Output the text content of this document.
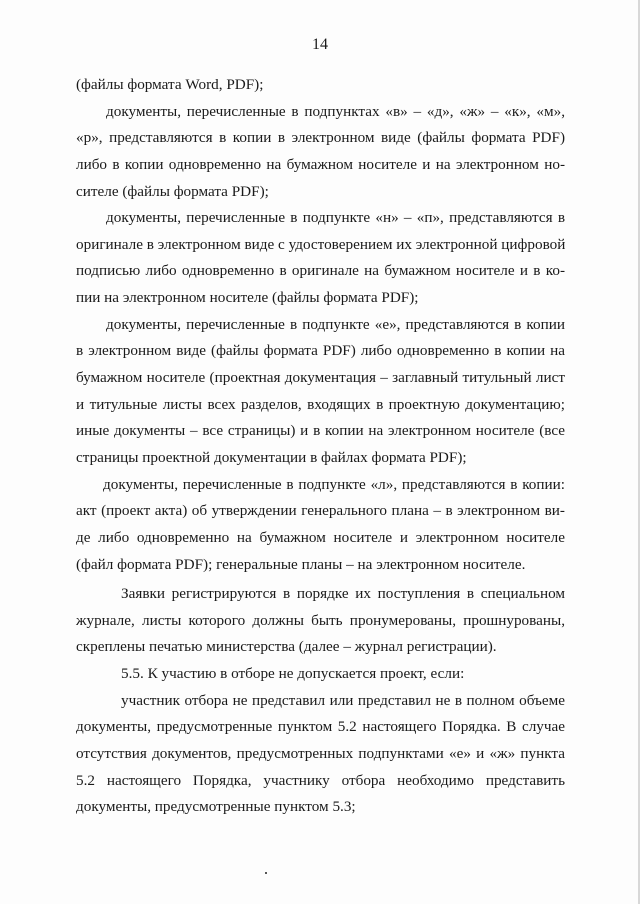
14
(файлы формата Word, PDF);
документы, перечисленные в подпунктах «в» – «д», «ж» – «к», «м»,
«р», представляются в копии в электронном виде (файлы формата PDF)
либо в копии одновременно на бумажном носителе и на электронном но-
сителе (файлы формата PDF);
документы, перечисленные в подпункте «н» – «п», представляются в
оригинале в электронном виде с удостоверением их электронной цифровой
подписью либо одновременно в оригинале на бумажном носителе и в ко-
пии на электронном носителе (файлы формата PDF);
документы, перечисленные в подпункте «е», представляются в копии
в электронном виде (файлы формата PDF) либо одновременно в копии на
бумажном носителе (проектная документация – заглавный титульный лист
и титульные листы всех разделов, входящих в проектную документацию;
иные документы – все страницы) и в копии на электронном носителе (все
страницы проектной документации в файлах формата PDF);
документы, перечисленные в подпункте «л», представляются в копии:
акт (проект акта) об утверждении генерального плана – в электронном ви-
де либо одновременно на бумажном носителе и электронном носителе
(файл формата PDF); генеральные планы – на электронном носителе.
Заявки регистрируются в порядке их поступления в специальном
журнале, листы которого должны быть пронумерованы, прошнурованы,
скреплены печатью министерства (далее – журнал регистрации).
5.5. К участию в отборе не допускается проект, если:
участник отбора не представил или представил не в полном объеме
документы, предусмотренные пунктом 5.2 настоящего Порядка. В случае
отсутствия документов, предусмотренных подпунктами «е» и «ж» пункта
5.2 настоящего Порядка, участнику отбора необходимо представить
документы, предусмотренные пунктом 5.3;
